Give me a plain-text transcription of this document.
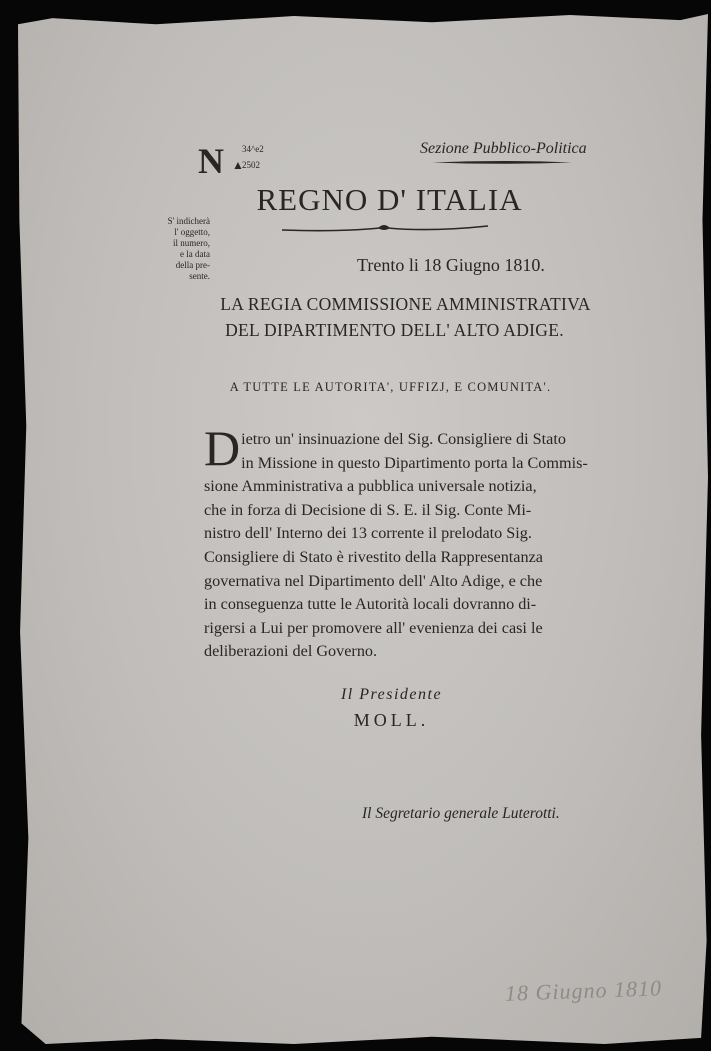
N ▲
34^e2
2502
Sezione Pubblico-Politica
REGNO D' ITALIA
S' indicherà
l' oggetto,
il numero,
e la data
della pre-
sente.
Trento li 18 Giugno 1810.
LA REGIA COMMISSIONE AMMINISTRATIVA
DEL DIPARTIMENTO DELL' ALTO ADIGE.
A TUTTE LE AUTORITA', UFFIZJ, E COMUNITA'.
D ietro un' insinuazione del Sig. Consigliere di Stato
in Missione in questo Dipartimento porta la Commis-
sione Amministrativa a pubblica universale notizia,
che in forza di Decisione di S. E. il Sig. Conte Mi-
nistro dell' Interno dei 13 corrente il prelodato Sig.
Consigliere di Stato è rivestito della Rappresentanza
governativa nel Dipartimento dell' Alto Adige, e che
in conseguenza tutte le Autorità locali dovranno di-
rigersi a Lui per promovere all' evenienza dei casi le
deliberazioni del Governo.
Il Presidente
MOLL.
Il Segretario generale Luterotti.
18 Giugno 1810
